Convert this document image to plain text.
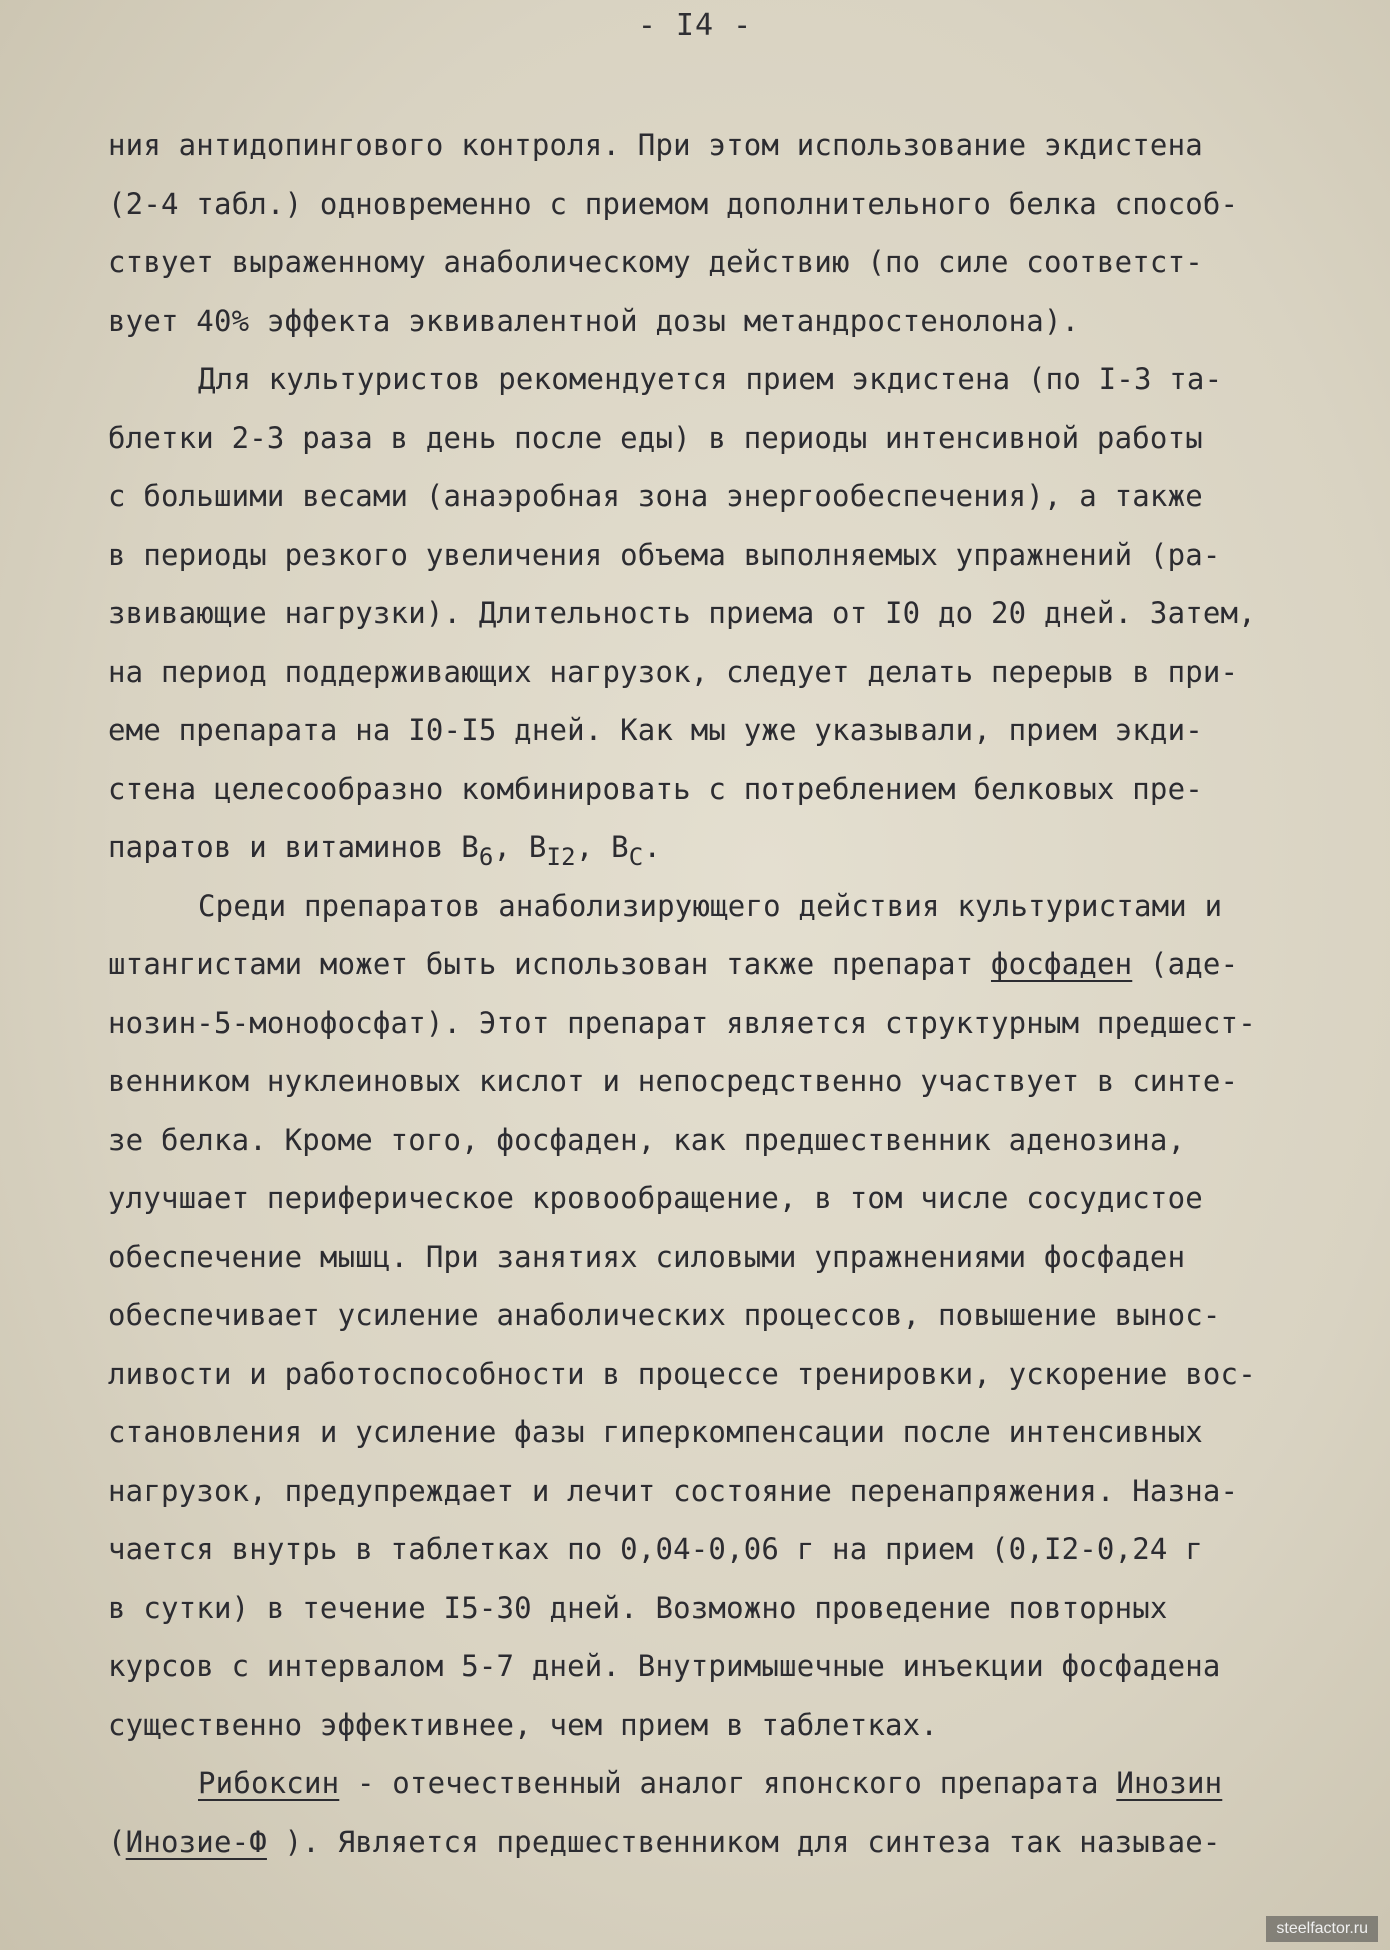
- I4 -
ния антидопингового контроля. При этом использование экдистена
(2-4 табл.) одновременно с приемом дополнительного белка способ-
ствует выраженному анаболическому действию (по силе соответст-
вует 40% эффекта эквивалентной дозы метандростенолона).
Для культуристов рекомендуется прием экдистена (по I-3 та-
блетки 2-3 раза в день после еды) в периоды интенсивной работы
с большими весами (анаэробная зона энергообеспечения), а также
в периоды резкого увеличения объема выполняемых упражнений (ра-
звивающие нагрузки). Длительность приема от I0 до 20 дней. Затем,
на период поддерживающих нагрузок, следует делать перерыв в при-
еме препарата на I0-I5 дней. Как мы уже указывали, прием экди-
стена целесообразно комбинировать с потреблением белковых пре-
паратов и витаминов $B_6$, $B_{I2}$, $B_C$.
Среди препаратов анаболизирующего действия культуристами и
штангистами может быть использован также препарат фосфаден (аде-
нозин-5-монофосфат). Этот препарат является структурным предшест-
венником нуклеиновых кислот и непосредственно участвует в синте-
зе белка. Кроме того, фосфаден, как предшественник аденозина,
улучшает периферическое кровообращение, в том числе сосудистое
обеспечение мышц. При занятиях силовыми упражнениями фосфаден
обеспечивает усиление анаболических процессов, повышение вынос-
ливости и работоспособности в процессе тренировки, ускорение вос-
становления и усиление фазы гиперкомпенсации после интенсивных
нагрузок, предупреждает и лечит состояние перенапряжения. Назна-
чается внутрь в таблетках по 0,04-0,06 г на прием (0,I2-0,24 г
в сутки) в течение I5-30 дней. Возможно проведение повторных
курсов с интервалом 5-7 дней. Внутримышечные инъекции фосфадена
существенно эффективнее, чем прием в таблетках.
Рибоксин - отечественный аналог японского препарата Инозин
(Инозие-Ф ). Является предшественником для синтеза так называе-
steelfactor.ru
